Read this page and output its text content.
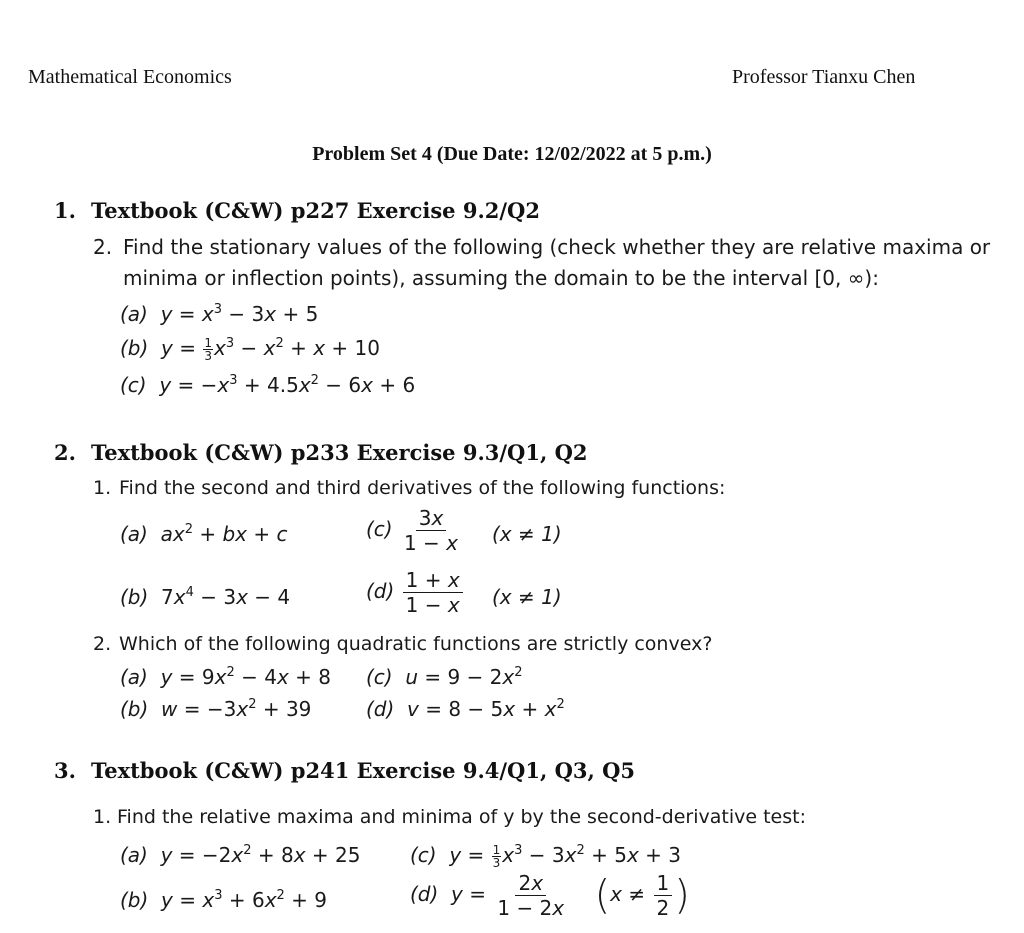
Mathematical Economics	Professor Tianxu Chen
Problem Set 4 (Due Date: 12/02/2022 at 5 p.m.)
1. Textbook (C&W) p227 Exercise 9.2/Q2
2. Find the stationary values of the following (check whether they are relative maxima or
minima or inflection points), assuming the domain to be the interval [0, ∞):
(a) $y = x^3 - 3x + 5$
(b) $y = \frac{1}{3} x^3 - x^2 + x + 10$
(c) $y = -x^3 + 4.5x^2 - 6x + 6$
2. Textbook (C&W) p233 Exercise 9.3/Q1, Q2
1. Find the second and third derivatives of the following functions:
(a) $ax^2$ + bx + c	$(c) \frac{3x}{1 - x} (x \ne 1)$
(b)  $7x^4 - 3x - 4$	$(d) \frac{1 + x}{1 - x} (x \ne 1)$
2. Which of the following quadratic functions are strictly convex?
(a) $y = 9x^2 - 4x + 8$ (c) $u = 9 - 2x^2$
(b) $w = -3x^2 + 39$	(d) $v = 8 - 5x + x^2$
3. Textbook (C&W) p241 Exercise 9.4/Q1, Q3, Q5
1. Find the relative maxima and minima of y by the second-derivative test:
(a) $y = -2x^2 + 8x + 25$ (c) $y = \frac{1}{3} x^3 - 3x^2 + 5x + 3$
(b) $y = x^3 + 6x^2 + 9$	(d) $y = \frac{2x}{1 - 2x} (x \ne \frac{1}{2}$ )
